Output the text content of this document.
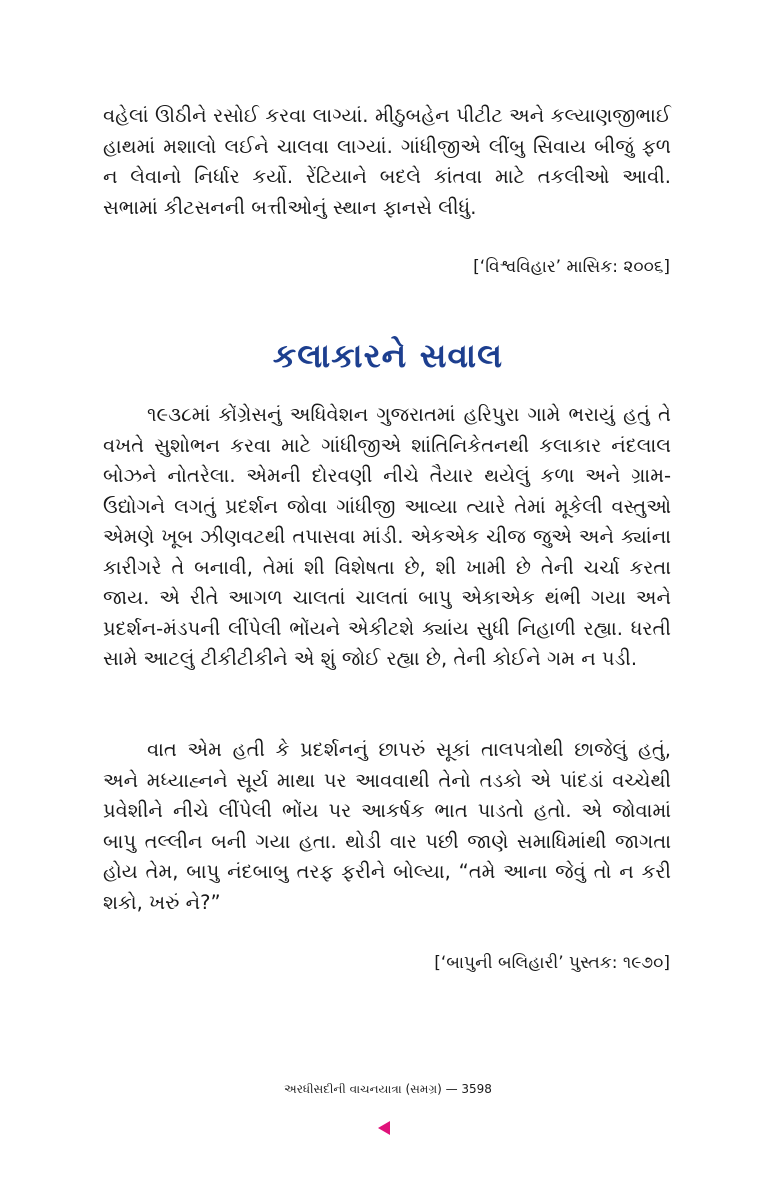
વહેલાં ઊઠીને રસોઈ કરવા લાગ્યાં. મીઠુબહેન પીટીટ અને કલ્યાણજીભાઈ હાથમાં મશાલો લઈને ચાલવા લાગ્યાં. ગાંધીજીએ લીંબુ સિવાય બીજું ફળ ન લેવાનો નિર્ધાર કર્યો. રેંટિયાને બદલે કાંતવા માટે તકલીઓ આવી. સભામાં કીટસનની બત્તીઓનું સ્થાન ફાનસે લીધું.

[‘વિશ્વવિહાર’ માસિક: ૨૦૦૬]

કલાકારને સવાલ

૧૯૩૮માં કોંગ્રેસનું અધિવેશન ગુજરાતમાં હરિપુરા ગામે ભરાયું હતું તે વખતે સુશોભન કરવા માટે ગાંધીજીએ શાંતિનિકેતનથી કલાકાર નંદલાલ બોઝને નોતરેલા. એમની દોરવણી નીચે તૈયાર થયેલું કળા અને ગ્રામ-ઉદ્યોગને લગતું પ્રદર્શન જોવા ગાંધીજી આવ્યા ત્યારે તેમાં મૂકેલી વસ્તુઓ એમણે ખૂબ ઝીણવટથી તપાસવા માંડી. એકએક ચીજ જુએ અને ક્યાંના કારીગરે તે બનાવી, તેમાં શી વિશેષતા છે, શી ખામી છે તેની ચર્ચા કરતા જાય. એ રીતે આગળ ચાલતાં ચાલતાં બાપુ એકાએક થંભી ગયા અને પ્રદર્શન-મંડપની લીંપેલી ભોંયને એકીટશે ક્યાંય સુધી નિહાળી રહ્યા. ધરતી સામે આટલું ટીકીટીકીને એ શું જોઈ રહ્યા છે, તેની કોઈને ગમ ન પડી.

વાત એમ હતી કે પ્રદર્શનનું છાપરું સૂકાં તાલપત્રોથી છાજેલું હતું, અને મધ્યાહ્નને સૂર્ય માથા પર આવવાથી તેનો તડકો એ પાંદડાં વચ્ચેથી પ્રવેશીને નીચે લીંપેલી ભોંય પર આકર્ષક ભાત પાડતો હતો. એ જોવામાં બાપુ તલ્લીન બની ગયા હતા. થોડી વાર પછી જાણે સમાધિમાંથી જાગતા હોય તેમ, બાપુ નંદબાબુ તરફ ફરીને બોલ્યા, “તમે આના જેવું તો ન કરી શકો, ખરું ને?”

[‘બાપુની બલિહારી’ પુસ્તક: ૧૯૭૦]

અરધીસદીની વાચનયાત્રા (સમગ્ર) — 3598
